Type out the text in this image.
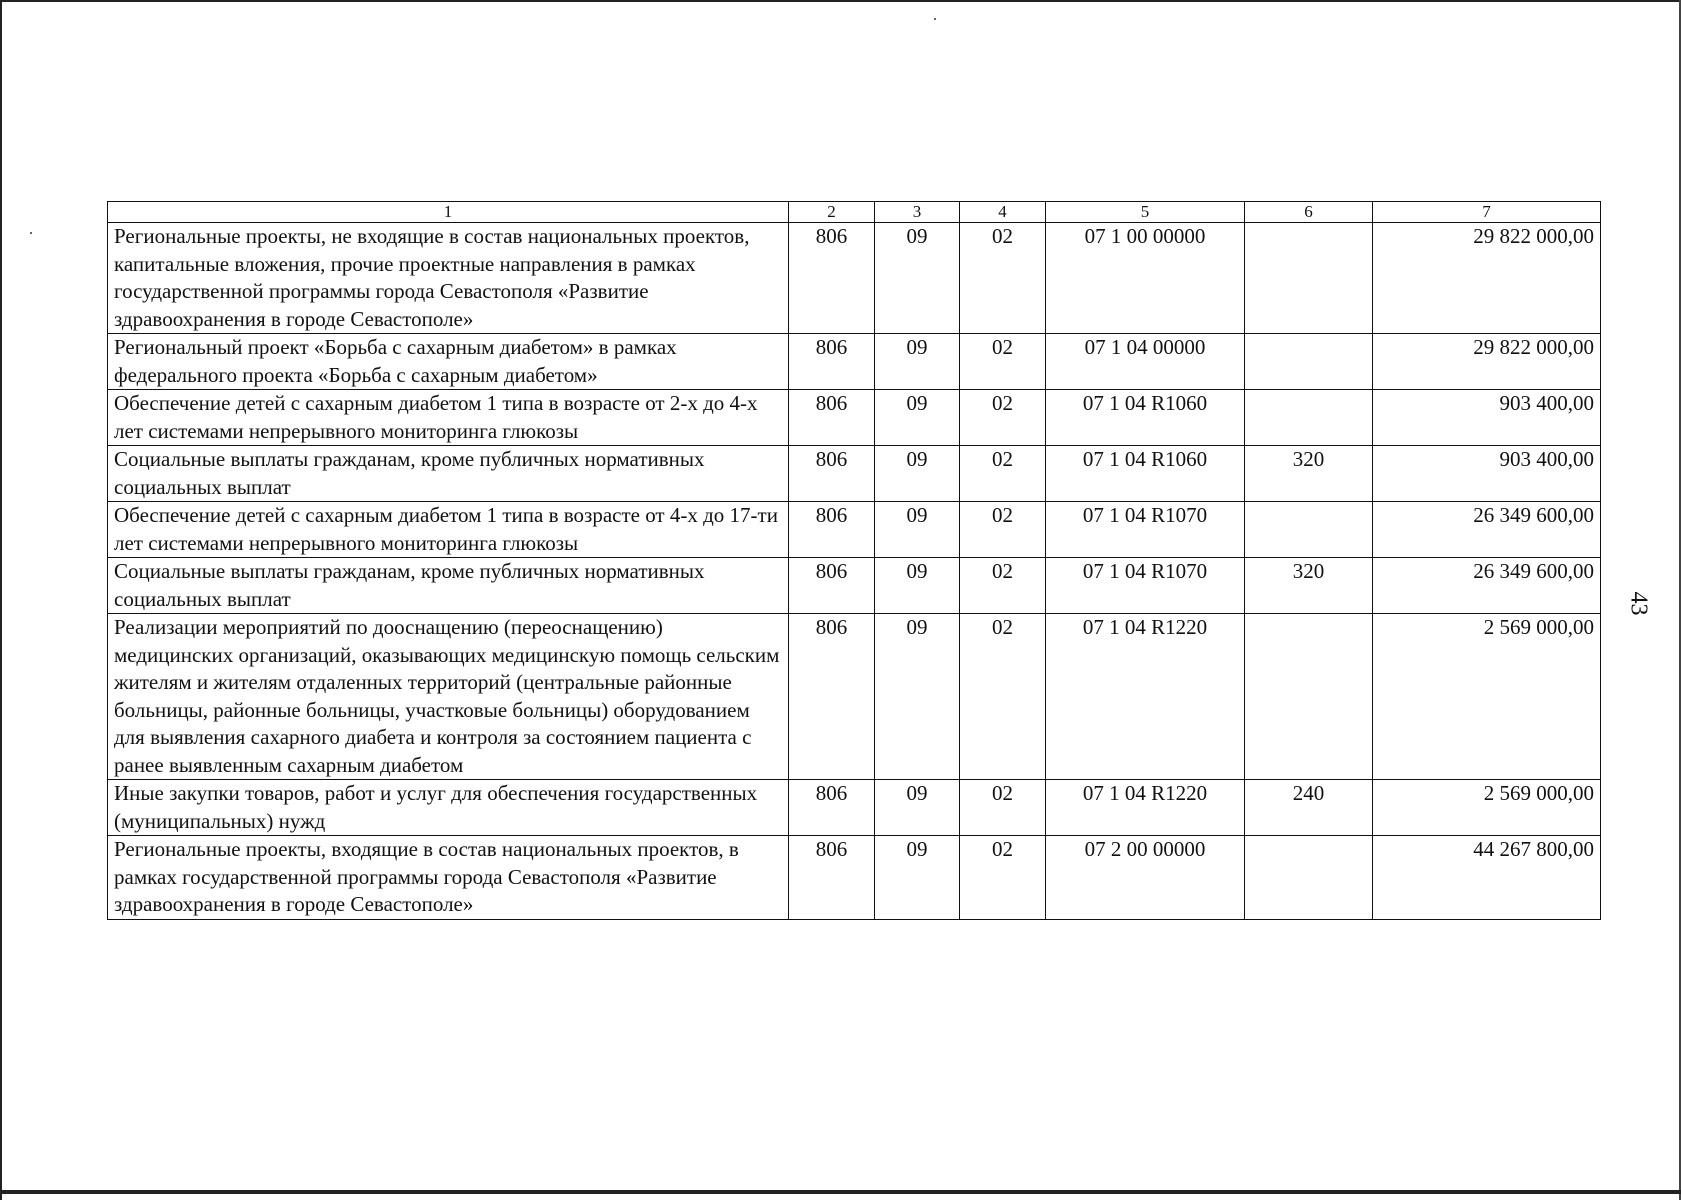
43
1	2	3	4	5	6	7
Региональные проекты, не входящие в состав национальных проектов, капитальные вложения, прочие проектные направления в рамках государственной программы города Севастополя «Развитие здравоохранения в городе Севастополе»	806	09	02	07 1 00 00000		29 822 000,00
Региональный проект «Борьба с сахарным диабетом» в рамках федерального проекта «Борьба с сахарным диабетом»	806	09	02	07 1 04 00000		29 822 000,00
Обеспечение детей с сахарным диабетом 1 типа в возрасте от 2-х до 4-х лет системами непрерывного мониторинга глюкозы	806	09	02	07 1 04 R1060		903 400,00
Социальные выплаты гражданам, кроме публичных нормативных социальных выплат	806	09	02	07 1 04 R1060	320	903 400,00
Обеспечение детей с сахарным диабетом 1 типа в возрасте от 4-х до 17-ти лет системами непрерывного мониторинга глюкозы	806	09	02	07 1 04 R1070		26 349 600,00
Социальные выплаты гражданам, кроме публичных нормативных социальных выплат	806	09	02	07 1 04 R1070	320	26 349 600,00
Реализации мероприятий по дооснащению (переоснащению) медицинских организаций, оказывающих медицинскую помощь сельским жителям и жителям отдаленных территорий (центральные районные больницы, районные больницы, участковые больницы) оборудованием для выявления сахарного диабета и контроля за состоянием пациента с ранее выявленным сахарным диабетом	806	09	02	07 1 04 R1220		2 569 000,00
Иные закупки товаров, работ и услуг для обеспечения государственных (муниципальных) нужд	806	09	02	07 1 04 R1220	240	2 569 000,00
Региональные проекты, входящие в состав национальных проектов, в рамках государственной программы города Севастополя «Развитие здравоохранения в городе Севастополе»	806	09	02	07 2 00 00000		44 267 800,00
